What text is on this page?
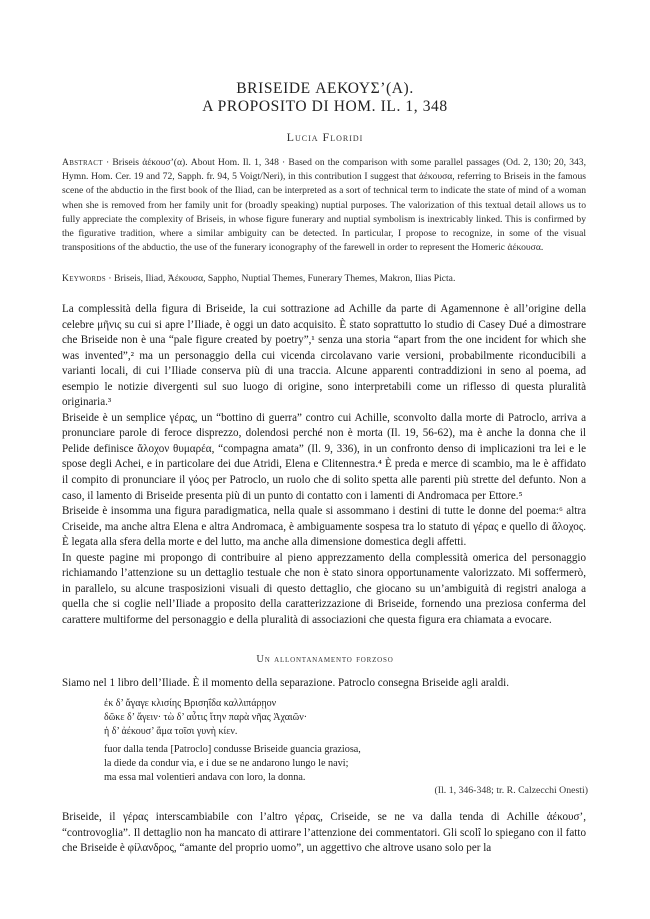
BRISEIDE ΑΕΚΟΥΣ’(Α).
A PROPOSITO DI HOM. IL. 1, 348
Lucia Floridi

Abstract · Briseis ἀέκουσ’(α). About Hom. Il. 1, 348 · Based on the comparison with some parallel passages (Od. 2, 130; 20, 343, Hymn. Hom. Cer. 19 and 72, Sapph. fr. 94, 5 Voigt/Neri), in this contribution I suggest that ἀέκουσα, referring to Briseis in the famous scene of the abductio in the first book of the Iliad, can be interpreted as a sort of technical term to indicate the state of mind of a woman when she is removed from her family unit for (broadly speaking) nuptial purposes. The valorization of this textual detail allows us to fully appreciate the complexity of Briseis, in whose figure funerary and nuptial symbolism is inextricably linked. This is confirmed by the figurative tradition, where a similar ambiguity can be detected. In particular, I propose to recognize, in some of the visual transpositions of the abductio, the use of the funerary iconography of the farewell in order to represent the Homeric ἀέκουσα.

Keywords · Briseis, Iliad, Ἀέκουσα, Sappho, Nuptial Themes, Funerary Themes, Makron, Ilias Picta.

La complessità della figura di Briseide, la cui sottrazione ad Achille da parte di Agamennone è all’origine della celebre μῆνις su cui si apre l’Iliade, è oggi un dato acquisito. È stato soprattutto lo studio di Casey Dué a dimostrare che Briseide non è una “pale figure created by poetry”,¹ senza una storia “apart from the one incident for which she was invented”,² ma un personaggio della cui vicenda circolavano varie versioni, probabilmente riconducibili a varianti locali, di cui l’Iliade conserva più di una traccia. Alcune apparenti contraddizioni in seno al poema, ad esempio le notizie divergenti sul suo luogo di origine, sono interpretabili come un riflesso di questa pluralità originaria.³

Briseide è un semplice γέρας, un “bottino di guerra” contro cui Achille, sconvolto dalla morte di Patroclo, arriva a pronunciare parole di feroce disprezzo, dolendosi perché non è morta (Il. 19, 56-62), ma è anche la donna che il Pelide definisce ἄλοχον θυμαρέα, “compagna amata” (Il. 9, 336), in un confronto denso di implicazioni tra lei e le spose degli Achei, e in particolare dei due Atridi, Elena e Clitennestra.⁴ È preda e merce di scambio, ma le è affidato il compito di pronunciare il γόος per Patroclo, un ruolo che di solito spetta alle parenti più strette del defunto. Non a caso, il lamento di Briseide presenta più di un punto di contatto con i lamenti di Andromaca per Ettore.⁵

Briseide è insomma una figura paradigmatica, nella quale si assommano i destini di tutte le donne del poema:⁶ altra Criseide, ma anche altra Elena e altra Andromaca, è ambiguamente sospesa tra lo statuto di γέρας e quello di ἄλοχος. È legata alla sfera della morte e del lutto, ma anche alla dimensione domestica degli affetti.

In queste pagine mi propongo di contribuire al pieno apprezzamento della complessità omerica del personaggio richiamando l’attenzione su un dettaglio testuale che non è stato sinora opportunamente valorizzato. Mi soffermerò, in parallelo, su alcune trasposizioni visuali di questo dettaglio, che giocano su un’ambiguità di registri analoga a quella che si coglie nell’Iliade a proposito della caratterizzazione di Briseide, fornendo una preziosa conferma del carattere multiforme del personaggio e della pluralità di associazioni che questa figura era chiamata a evocare.

Un allontanamento forzoso
Siamo nel 1 libro dell’Iliade. È il momento della separazione. Patroclo consegna Briseide agli araldi.
ἐκ δ’ ἄγαγε κλισίης Βρισηΐδα καλλιπάρῃον
δῶκε δ’ ἄγειν· τὼ δ’ αὖτις ἴτην παρὰ νῆας Ἀχαιῶν·
ἡ δ’ ἀέκουσ’ ἅμα τοῖσι γυνὴ κίεν.
fuor dalla tenda [Patroclo] condusse Briseide guancia graziosa,
la diede da condur via, e i due se ne andarono lungo le navi;
ma essa mal volentieri andava con loro, la donna.
(Il. 1, 346-348; tr. R. Calzecchi Onesti)

Briseide, il γέρας interscambiabile con l’altro γέρας, Criseide, se ne va dalla tenda di Achille ἀέκουσ’, “controvoglia”. Il dettaglio non ha mancato di attirare l’attenzione dei commentatori. Gli scolî lo spiegano con il fatto che Briseide è φίλανδρος, “amante del proprio uomo”, un aggettivo che altrove usano solo per la
